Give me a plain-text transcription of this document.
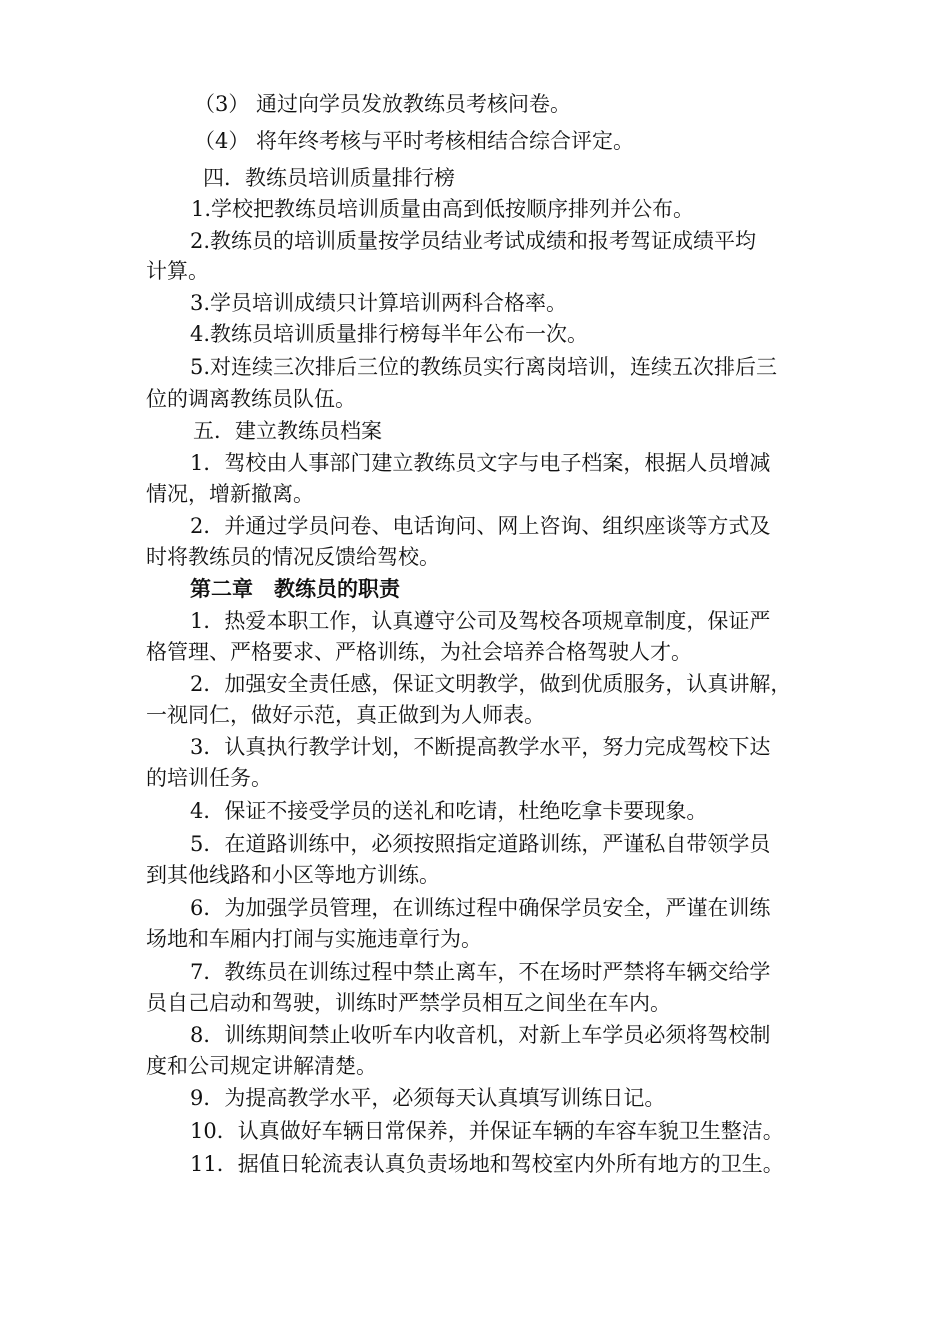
（3） 通过向学员发放教练员考核问卷。
（4） 将年终考核与平时考核相结合综合评定。
四．教练员培训质量排行榜
1.学校把教练员培训质量由高到低按顺序排列并公布。
2.教练员的培训质量按学员结业考试成绩和报考驾证成绩平均
计算。
3.学员培训成绩只计算培训两科合格率。
4.教练员培训质量排行榜每半年公布一次。
5.对连续三次排后三位的教练员实行离岗培训，连续五次排后三
位的调离教练员队伍。
五．建立教练员档案
1．驾校由人事部门建立教练员文字与电子档案，根据人员增减
情况，增新撤离。
2．并通过学员问卷、电话询问、网上咨询、组织座谈等方式及
时将教练员的情况反馈给驾校。
第二章　教练员的职责
1．热爱本职工作，认真遵守公司及驾校各项规章制度，保证严
格管理、严格要求、严格训练，为社会培养合格驾驶人才。
2．加强安全责任感，保证文明教学，做到优质服务，认真讲解，
一视同仁，做好示范，真正做到为人师表。
3．认真执行教学计划，不断提高教学水平，努力完成驾校下达
的培训任务。
4．保证不接受学员的送礼和吃请，杜绝吃拿卡要现象。
5．在道路训练中，必须按照指定道路训练，严谨私自带领学员
到其他线路和小区等地方训练。
6．为加强学员管理，在训练过程中确保学员安全，严谨在训练
场地和车厢内打闹与实施违章行为。
7．教练员在训练过程中禁止离车，不在场时严禁将车辆交给学
员自己启动和驾驶，训练时严禁学员相互之间坐在车内。
8．训练期间禁止收听车内收音机，对新上车学员必须将驾校制
度和公司规定讲解清楚。
9．为提高教学水平，必须每天认真填写训练日记。
10．认真做好车辆日常保养，并保证车辆的车容车貌卫生整洁。
11．据值日轮流表认真负责场地和驾校室内外所有地方的卫生。
